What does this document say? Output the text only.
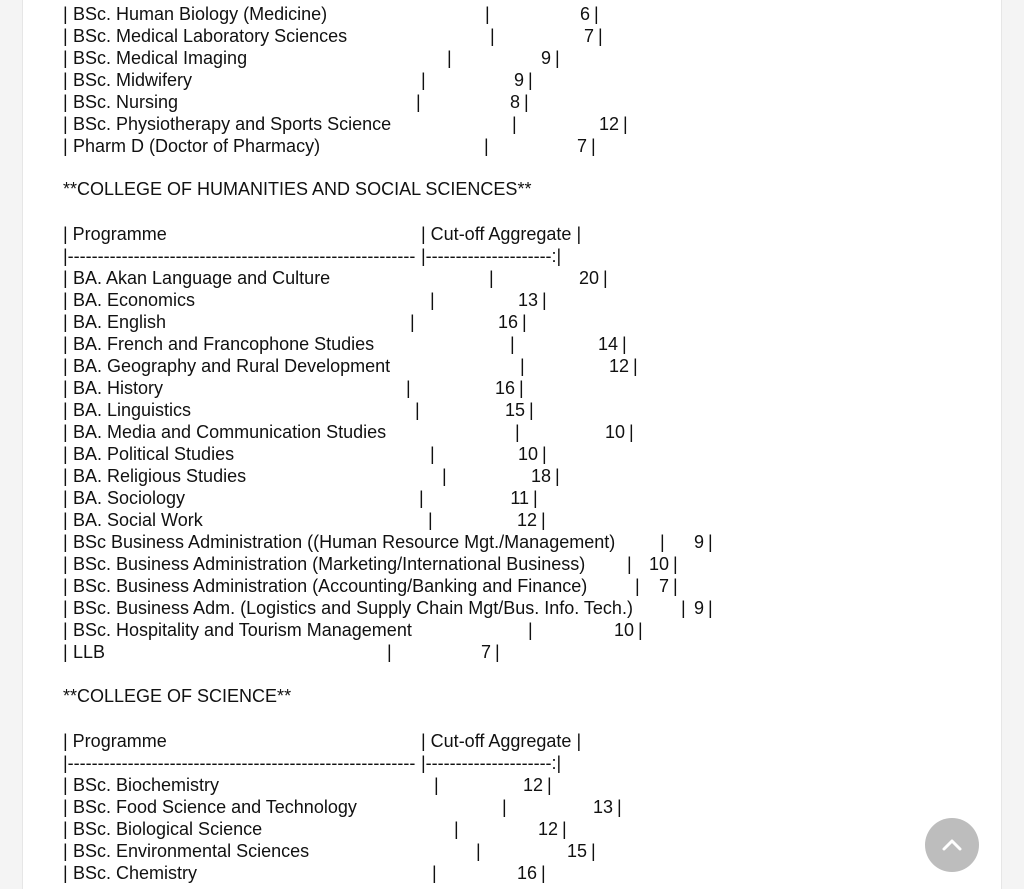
| BSc. Human Biology (Medicine)	|	6 |
| BSc. Medical Laboratory Sciences	|	7 |
| BSc. Medical Imaging	|	9 |
| BSc. Midwifery	|	9 |
| BSc. Nursing	|	8 |
| BSc. Physiotherapy and Sports Science	|	12 |
| Pharm D (Doctor of Pharmacy)	|	7 |
**COLLEGE OF HUMANITIES AND SOCIAL SCIENCES**
| Programme	| Cut-off Aggregate |
|---------------------------------------------------------- |---------------------:|
| BA. Akan Language and Culture	|	20 |
| BA. Economics	|	13 |
| BA. English	|	16 |
| BA. French and Francophone Studies	|	14 |
| BA. Geography and Rural Development	|	12 |
| BA. History	|	16 |
| BA. Linguistics	|	15 |
| BA. Media and Communication Studies	|	10 |
| BA. Political Studies	|	10 |
| BA. Religious Studies	|	18 |
| BA. Sociology	|	11 |
| BA. Social Work	|	12 |
| BSc Business Administration ((Human Resource Mgt./Management) | 9 |
| BSc. Business Administration (Marketing/International Business) | 10 |
| BSc. Business Administration (Accounting/Banking and Finance)	| 7 |
| BSc. Business Adm. (Logistics and Supply Chain Mgt/Bus. Info. Tech.)	| 9 |
| BSc. Hospitality and Tourism Management	|	10 |
| LLB	|	7 |
**COLLEGE OF SCIENCE**
| Programme	| Cut-off Aggregate |
|---------------------------------------------------------- |---------------------:|
| BSc. Biochemistry	|	12 |
| BSc. Food Science and Technology	|	13 |
| BSc. Biological Science	|	12 |
| BSc. Environmental Sciences	|	15 |
| BSc. Chemistry	|	16 |
